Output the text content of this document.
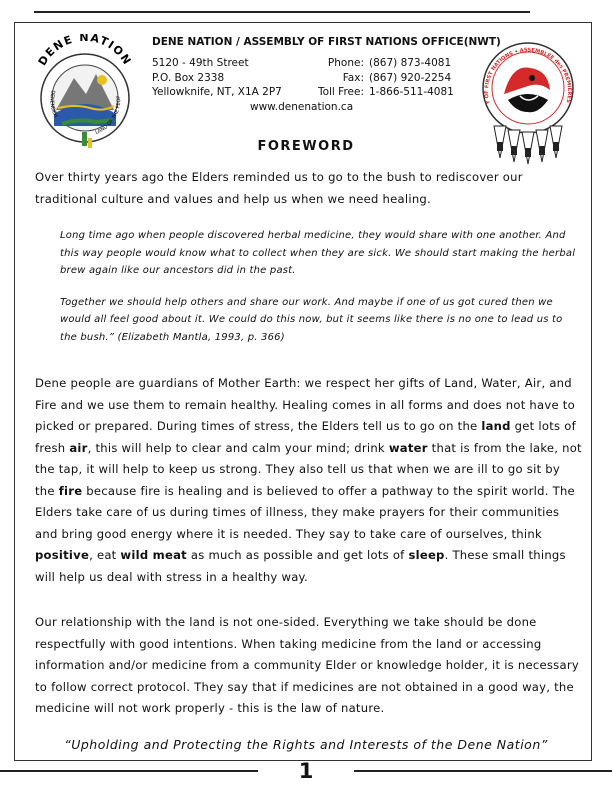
DENE NATION
DENENDEH
LAND OF THE PEOP
DENE NATION / ASSEMBLY OF FIRST NATIONS OFFICE(NWT)
5120 - 49th Street
P.O. Box 2338
Yellowknife, NT, X1A 2P7
Phone:
Fax:
Toll Free:
(867) 873-4081
(867) 920-2254
1-866-511-4081
www.denenation.ca	Y OF FIRST NATIONS • ASSEMBLÉE des PREMIÈRES
FOREWORD
Over thirty years ago the Elders reminded us to go to the bush to rediscover our traditional culture and values and help us when we need healing.

Long time ago when people discovered herbal medicine, they would share with one another. And this way people would know what to collect when they are sick. We should start making the herbal brew again like our ancestors did in the past.

Together we should help others and share our work. And maybe if one of us got cured then we would all feel good about it. We could do this now, but it seems like there is no one to lead us to the bush.” (Elizabeth Mantla, 1993, p. 366)

Dene people are guardians of Mother Earth: we respect her gifts of Land, Water, Air, and Fire and we use them to remain healthy. Healing comes in all forms and does not have to picked or prepared. During times of stress, the Elders tell us to go on the land get lots of fresh air, this will help to clear and calm your mind; drink water that is from the lake, not the tap, it will help to keep us strong. They also tell us that when we are ill to go sit by the fire because fire is healing and is believed to offer a pathway to the spirit world. The Elders take care of us during times of illness, they make prayers for their communities and bring good energy where it is needed. They say to take care of ourselves, think positive, eat wild meat as much as possible and get lots of sleep. These small things will help us deal with stress in a healthy way.
Our relationship with the land is not one-sided. Everything we take should be done respectfully with good intentions. When taking medicine from the land or accessing information and/or medicine from a community Elder or knowledge holder, it is necessary to follow correct protocol. They say that if medicines are not obtained in a good way, the medicine will not work properly - this is the law of nature.
“Upholding and Protecting the Rights and Interests of the Dene Nation”
1
